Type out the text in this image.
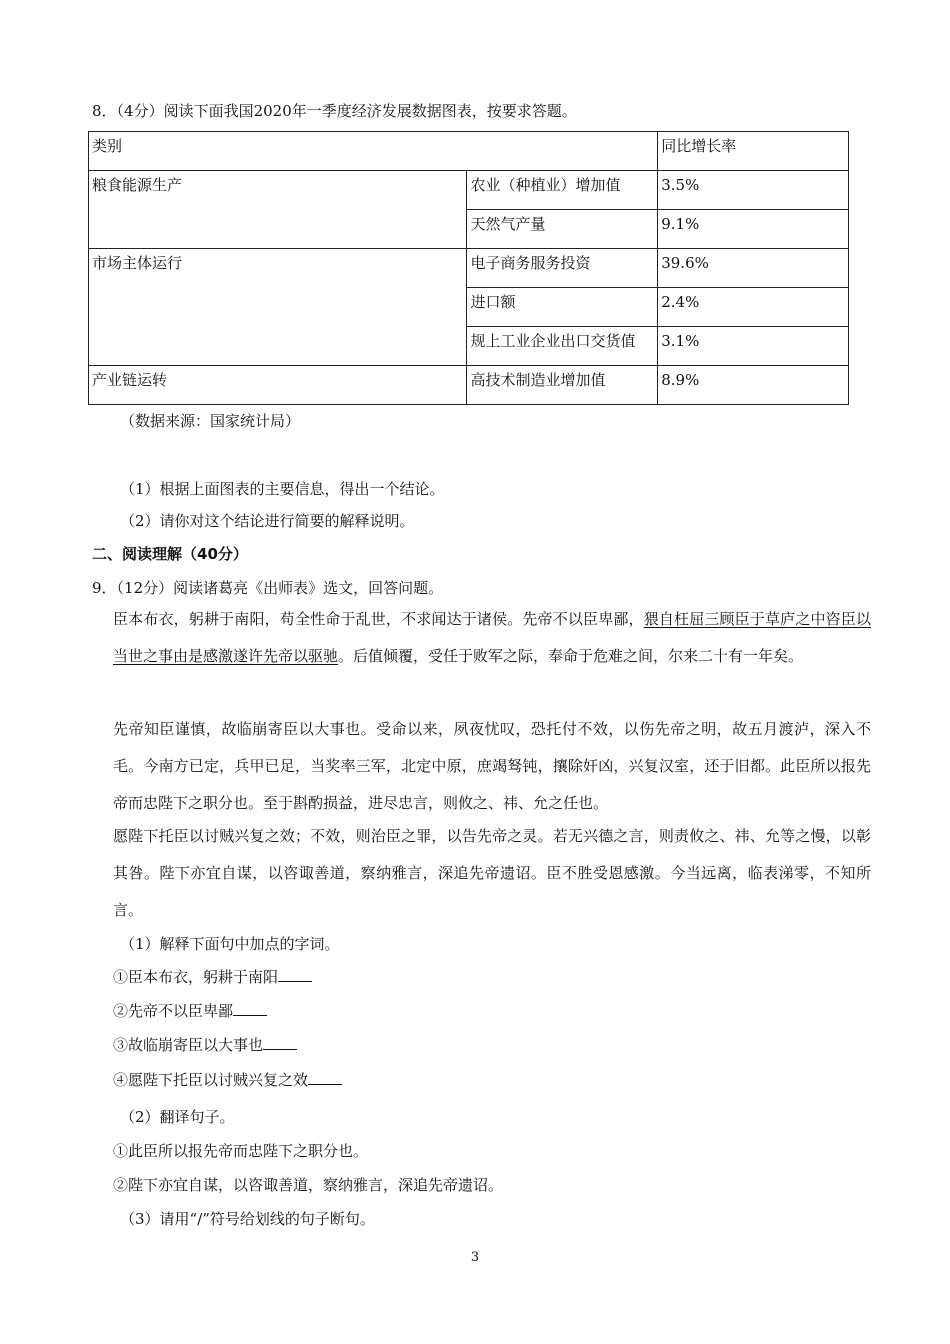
8．（4分）阅读下面我国2020年一季度经济发展数据图表，按要求答题。
类别		同比增长率
粮食能源生产	农业（种植业）增加值	3.5%
	天然气产量	9.1%
市场主体运行	电子商务服务投资	39.6%
	进口额	2.4%
	规上工业企业出口交货值	3.1%
产业链运转	高技术制造业增加值	8.9%
（数据来源：国家统计局）
（1）根据上面图表的主要信息，得出一个结论。
（2）请你对这个结论进行简要的解释说明。
二、阅读理解（40分）
9．（12分）阅读诸葛亮《出师表》选文，回答问题。
臣本布衣，躬耕于南阳，苟全性命于乱世，不求闻达于诸侯。先帝不以臣卑鄙，猥自枉屈三顾臣于草庐之中咨臣以当世之事由是感激遂许先帝以驱驰。后值倾覆，受任于败军之际，奉命于危难之间，尔来二十有一年矣。
先帝知臣谨慎，故临崩寄臣以大事也。受命以来，夙夜忧叹，恐托付不效，以伤先帝之明，故五月渡泸，深入不毛。今南方已定，兵甲已足，当奖率三军，北定中原，庶竭驽钝，攘除奸凶，兴复汉室，还于旧都。此臣所以报先帝而忠陛下之职分也。至于斟酌损益，进尽忠言，则攸之、祎、允之任也。
愿陛下托臣以讨贼兴复之效；不效，则治臣之罪，以告先帝之灵。若无兴德之言，则责攸之、祎、允等之慢，以彰其咎。陛下亦宜自谋，以咨诹善道，察纳雅言，深追先帝遗诏。臣不胜受恩感激。今当远离，临表涕零，不知所言。
（1）解释下面句中加点的字词。
①臣本布衣，躬耕于南阳
②先帝不以臣卑鄙
③故临崩寄臣以大事也
④愿陛下托臣以讨贼兴复之效
（2）翻译句子。
①此臣所以报先帝而忠陛下之职分也。
②陛下亦宜自谋，以咨诹善道，察纳雅言，深追先帝遗诏。
（3）请用“/”符号给划线的句子断句。
3
